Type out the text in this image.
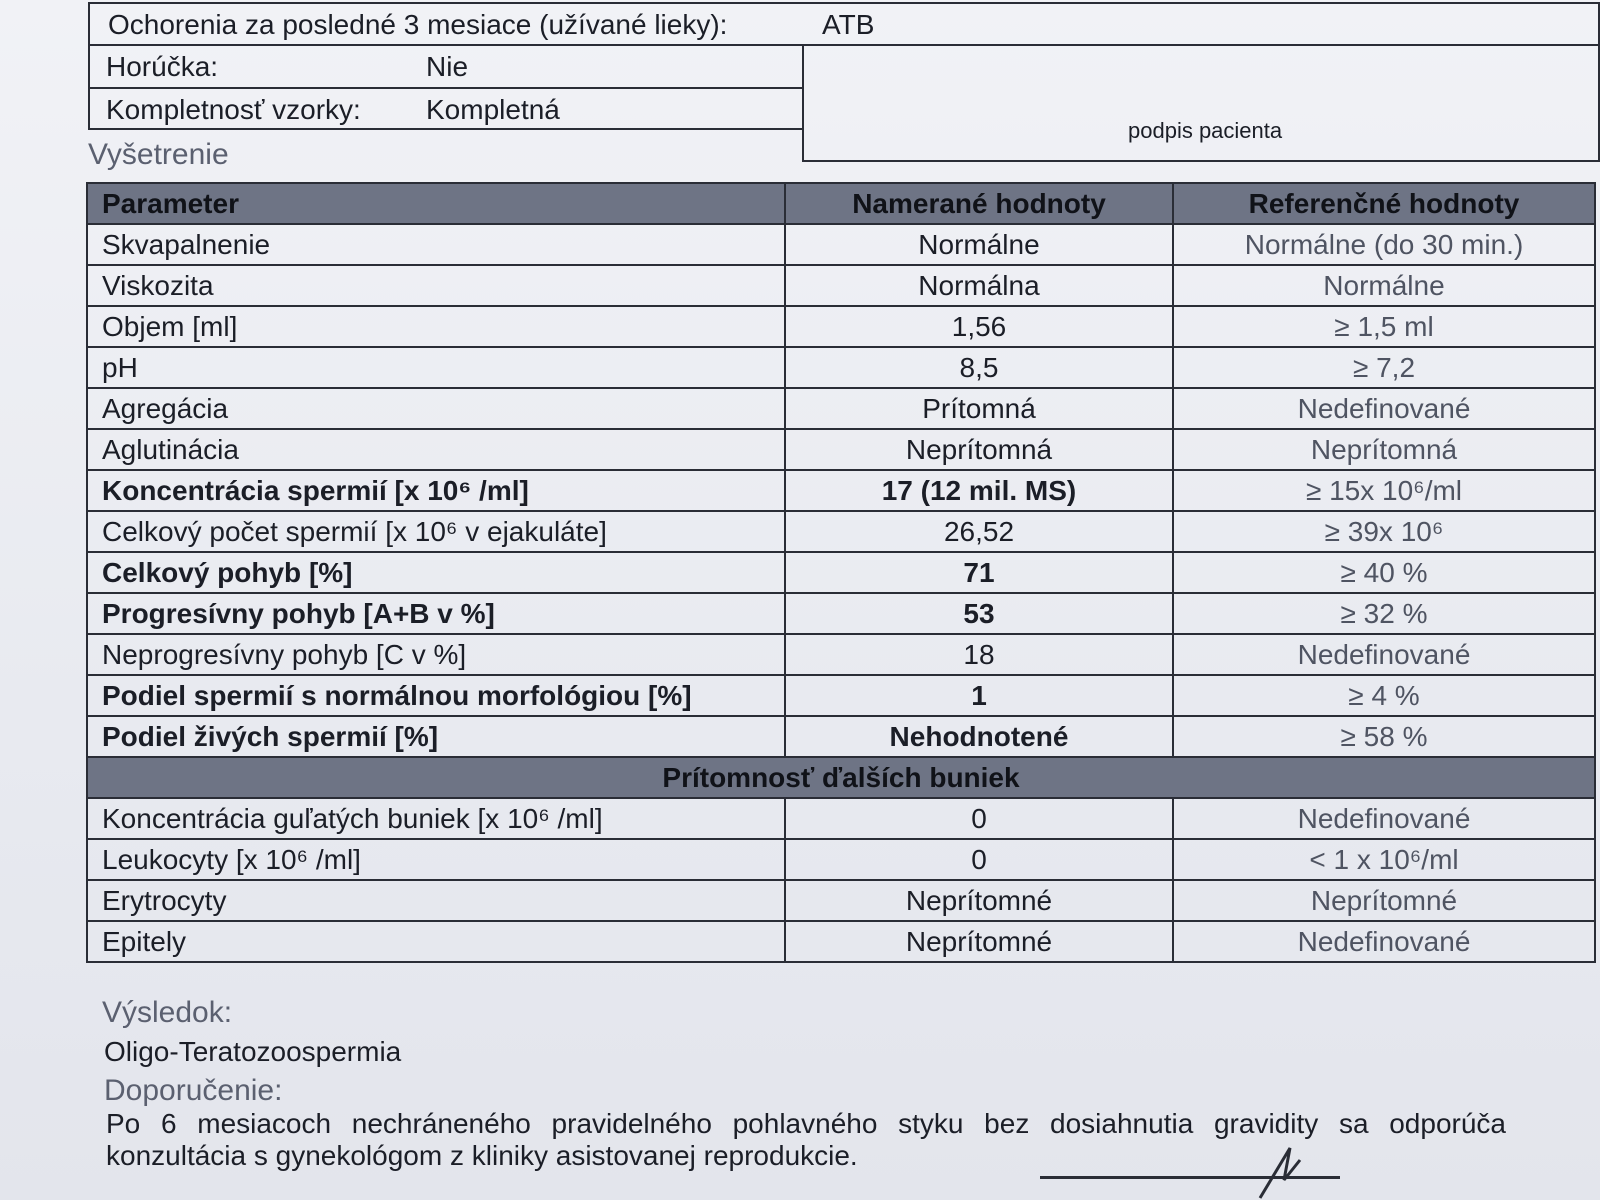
Ochorenia za posledné 3 mesiace (užívané lieky):	ATB
Horúčka:	Nie
Kompletnosť vzorky: Kompletná
podpis pacienta
Vyšetrenie
Parameter	Namerané hodnoty	Referenčné hodnoty
Skvapalnenie	Normálne	Normálne (do 30 min.)
Viskozita	Normálna	Normálne
Objem [ml]	1,56	≥ 1,5 ml
pH	8,5	≥ 7,2
Agregácia	Prítomná	Nedefinované
Aglutinácia	Neprítomná	Neprítomná
Koncentrácia spermií [x 10⁶ /ml]	17 (12 mil. MS)	≥ 15x 10⁶/ml
Celkový počet spermií [x 10⁶ v ejakuláte]	26,52	≥ 39x 10⁶
Celkový pohyb [%]	71	≥ 40 %
Progresívny pohyb [A+B v %]	53	≥ 32 %
Neprogresívny pohyb [C v %]	18	Nedefinované
Podiel spermií s normálnou morfológiou [%]	1	≥ 4 %
Podiel živých spermií [%]	Nehodnotené	≥ 58 %
Prítomnosť ďalších buniek		
Koncentrácia guľatých buniek [x 10⁶ /ml]	0	Nedefinované
Leukocyty [x 10⁶ /ml]	0	< 1 x 10⁶/ml
Erytrocyty	Neprítomné	Neprítomné
Epitely	Neprítomné	Nedefinované
Výsledok:
Oligo-Teratozoospermia
Doporučenie:
Po 6 mesiacoch nechráneného pravidelného pohlavného styku bez dosiahnutia gravidity sa odporúča
konzultácia s gynekológom z kliniky asistovanej reprodukcie.
